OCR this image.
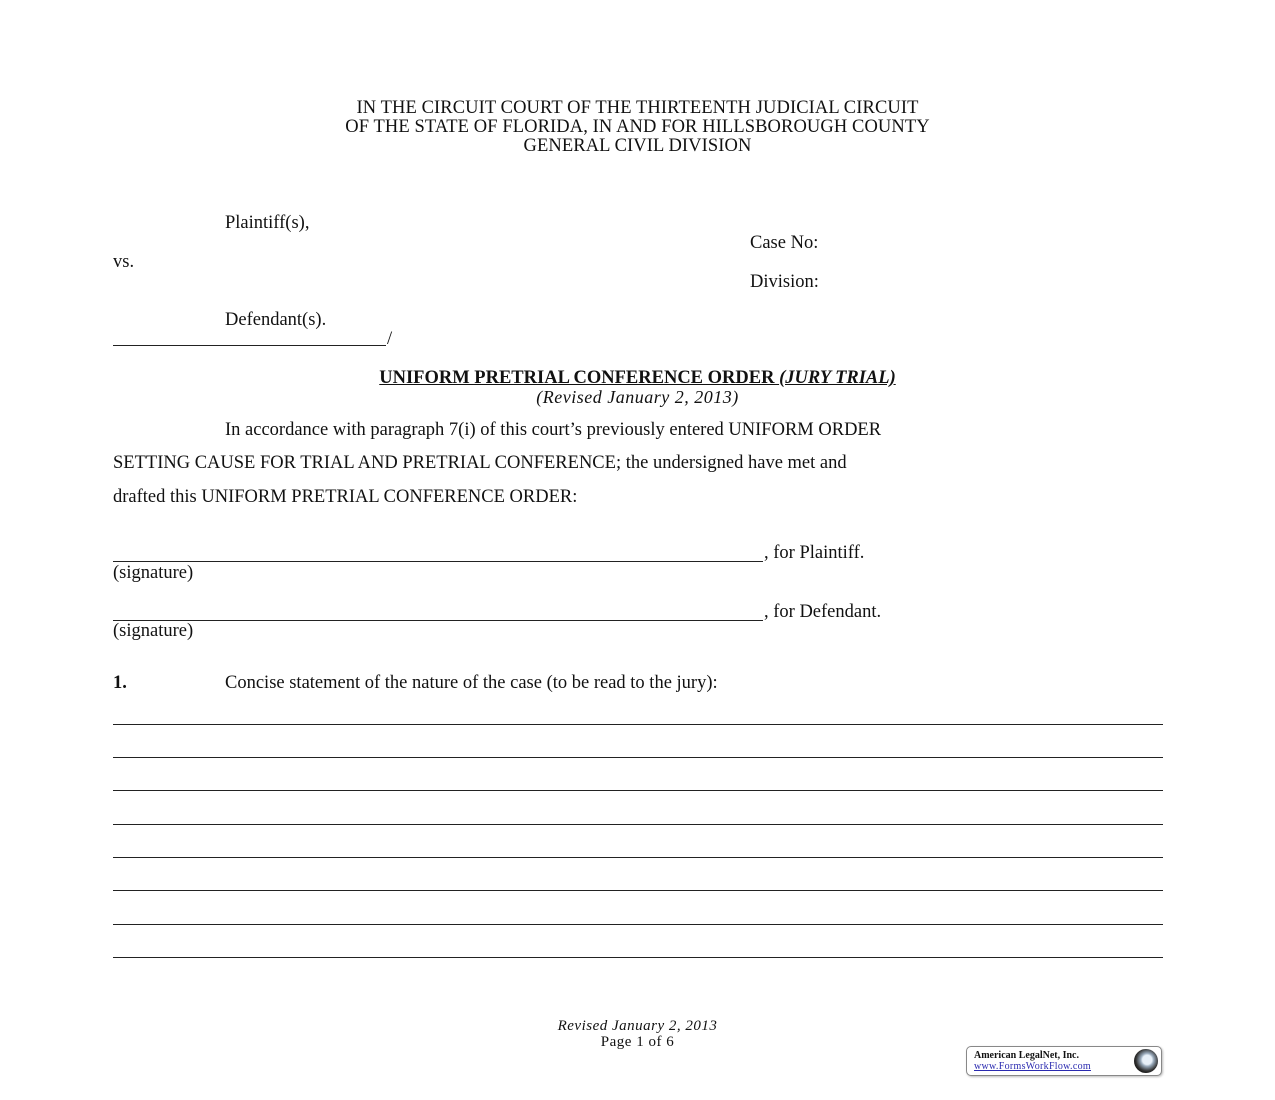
IN THE CIRCUIT COURT OF THE THIRTEENTH JUDICIAL CIRCUIT
OF THE STATE OF FLORIDA, IN AND FOR HILLSBOROUGH COUNTY
GENERAL CIVIL DIVISION
Plaintiff(s),
Case No:
vs.
Division:
Defendant(s).
/
UNIFORM PRETRIAL CONFERENCE ORDER (JURY TRIAL)
(Revised January 2, 2013)
In accordance with paragraph 7(i) of this court’s previously entered UNIFORM ORDER
SETTING CAUSE FOR TRIAL AND PRETRIAL CONFERENCE; the undersigned have met and
drafted this UNIFORM PRETRIAL CONFERENCE ORDER:
, for Plaintiff.
(signature)
, for Defendant.
(signature)
1.	Concise statement of the nature of the case (to be read to the jury):
Revised January 2, 2013
Page 1 of 6
American LegalNet, Inc.
www.FormsWorkFlow.com
